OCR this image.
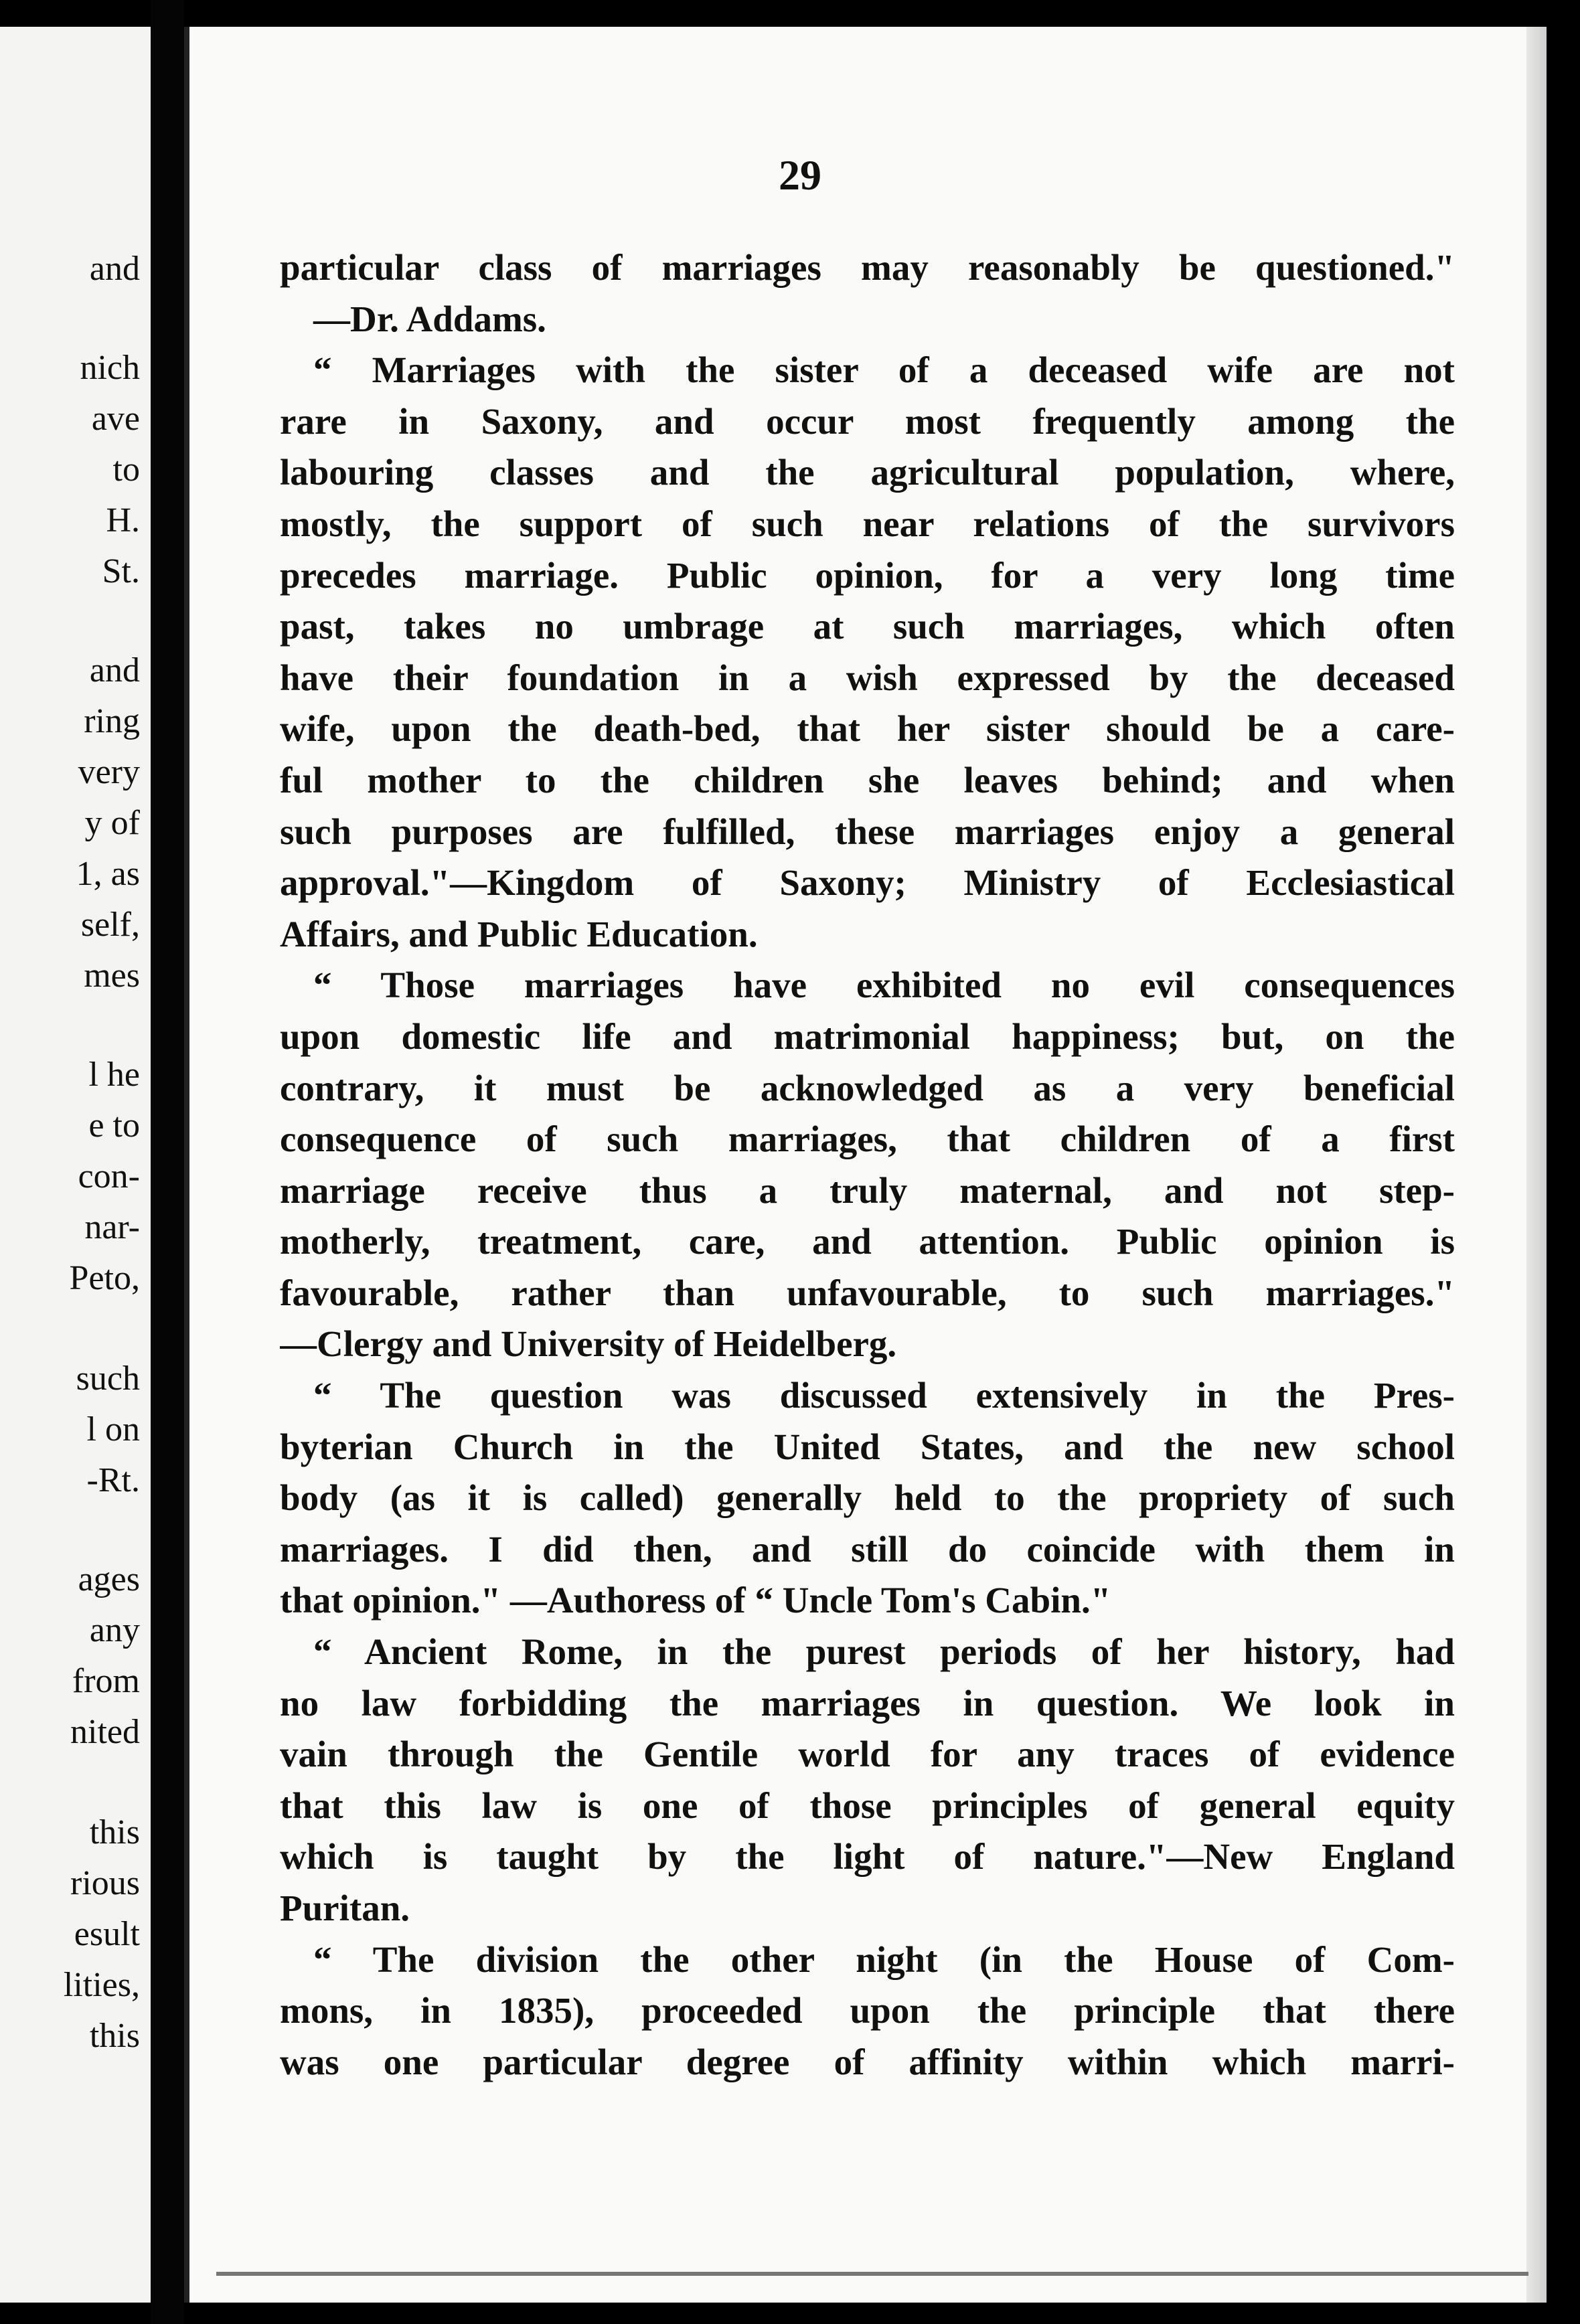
and
nich
ave
to
H.
St.
and
ring
very
y of
1, as
self,
mes
l he
e to
con-
nar-
Peto,
such
l on
-Rt.
ages
any
from
nited
this
rious
esult
lities,
this
29
particular class of marriages may reasonably be questioned."
—Dr. Addams.
“ Marriages with the sister of a deceased wife are not
rare in Saxony, and occur most frequently among the
labouring classes and the agricultural population, where,
mostly, the support of such near relations of the survivors
precedes marriage. Public opinion, for a very long time
past, takes no umbrage at such marriages, which often
have their foundation in a wish expressed by the deceased
wife, upon the death-bed, that her sister should be a care-
ful mother to the children she leaves behind; and when
such purposes are fulfilled, these marriages enjoy a general
approval."—Kingdom of Saxony; Ministry of Ecclesiastical
Affairs, and Public Education.
“ Those marriages have exhibited no evil consequences
upon domestic life and matrimonial happiness; but, on the
contrary, it must be acknowledged as a very beneficial
consequence of such marriages, that children of a first
marriage receive thus a truly maternal, and not step-
motherly, treatment, care, and attention. Public opinion is
favourable, rather than unfavourable, to such marriages."
—Clergy and University of Heidelberg.
“ The question was discussed extensively in the Pres-
byterian Church in the United States, and the new school
body (as it is called) generally held to the propriety of such
marriages. I did then, and still do coincide with them in
that opinion." —Authoress of “ Uncle Tom's Cabin."
“ Ancient Rome, in the purest periods of her history, had
no law forbidding the marriages in question. We look in
vain through the Gentile world for any traces of evidence
that this law is one of those principles of general equity
which is taught by the light of nature."—New England
Puritan.
“ The division the other night (in the House of Com-
mons, in 1835), proceeded upon the principle that there
was one particular degree of affinity within which marri-
